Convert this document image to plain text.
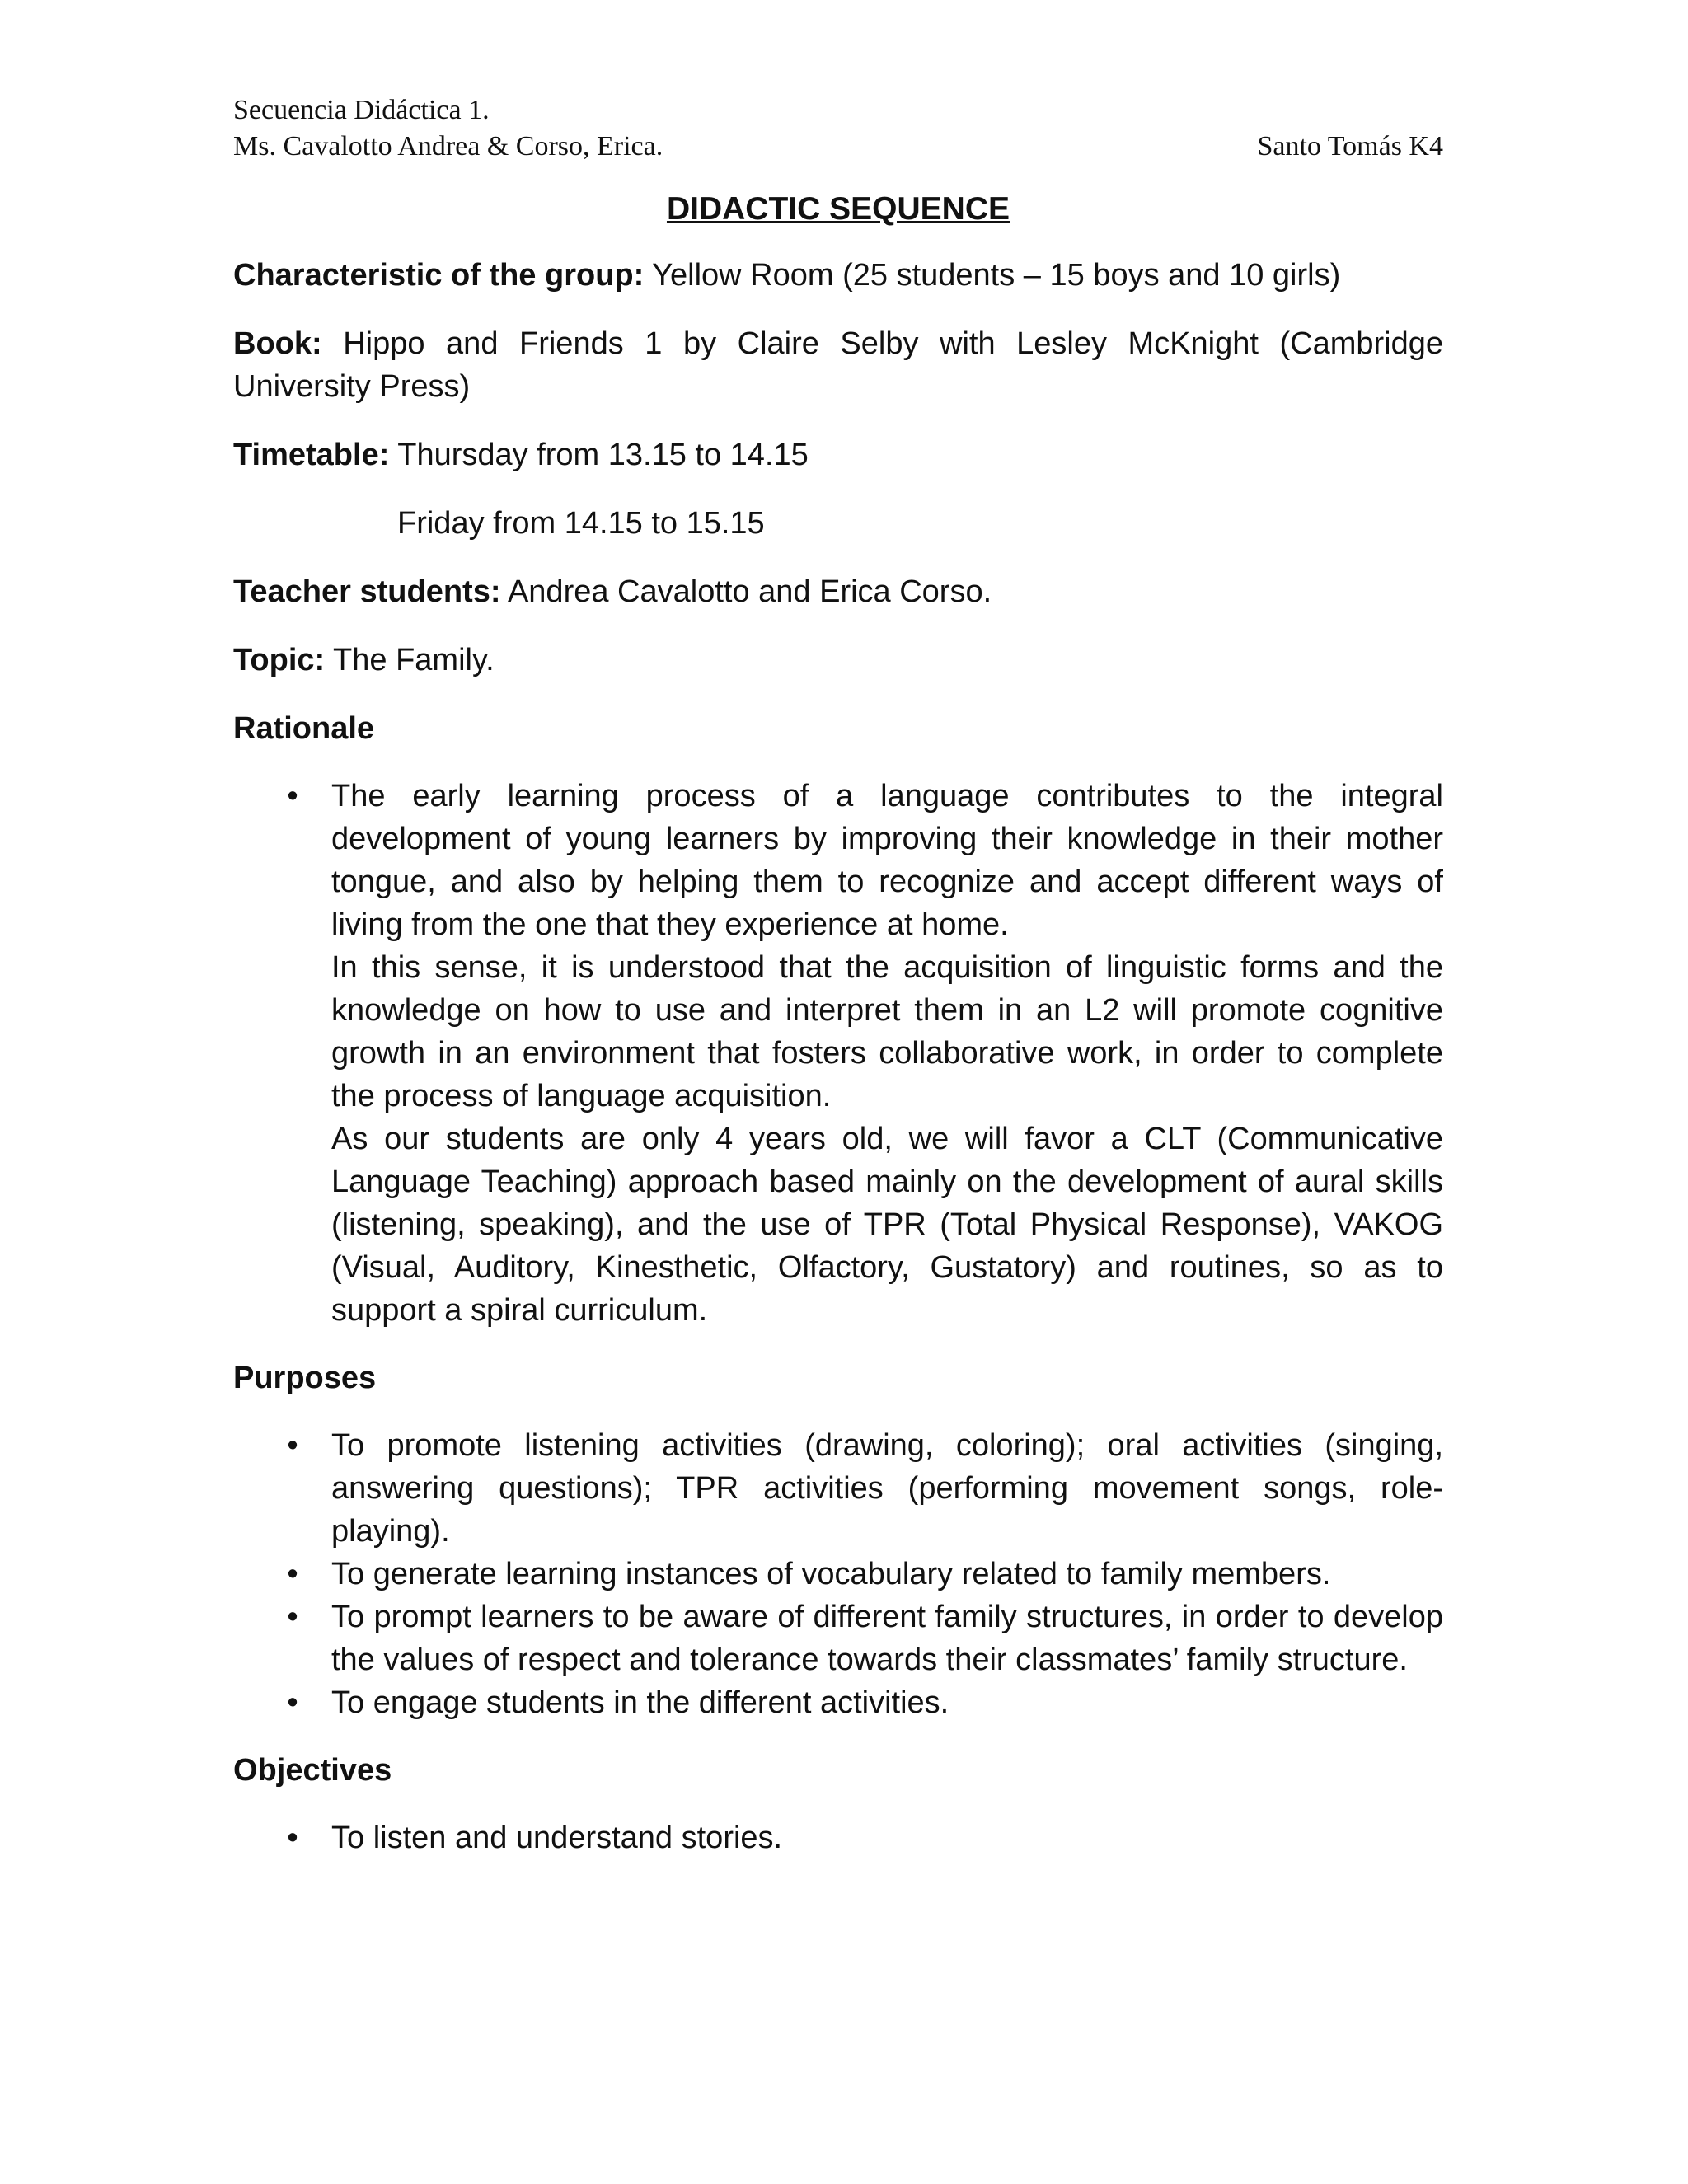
Secuencia Didáctica 1.
Ms. Cavalotto Andrea & Corso, Erica.	Santo Tomás K4
DIDACTIC SEQUENCE
Characteristic of the group: Yellow Room (25 students – 15 boys and 10 girls)
Book: Hippo and Friends 1 by Claire Selby with Lesley McKnight (Cambridge University Press)
Timetable: Thursday from 13.15 to 14.15
Friday from 14.15 to 15.15
Teacher students: Andrea Cavalotto and Erica Corso.
Topic: The Family.
Rationale
• The early learning process of a language contributes to the integral development of young learners by improving their knowledge in their mother tongue, and also by helping them to recognize and accept different ways of living from the one that they experience at home.

In this sense, it is understood that the acquisition of linguistic forms and the knowledge on how to use and interpret them in an L2 will promote cognitive growth in an environment that fosters collaborative work, in order to complete the process of language acquisition.

As our students are only 4 years old, we will favor a CLT (Communicative Language Teaching) approach based mainly on the development of aural skills (listening, speaking), and the use of TPR (Total Physical Response), VAKOG (Visual, Auditory, Kinesthetic, Olfactory, Gustatory) and routines, so as to support a spiral curriculum.

Purposes
• To promote listening activities (drawing, coloring); oral activities (singing, answering questions); TPR activities (performing movement songs, role-playing).

• To generate learning instances of vocabulary related to family members.

• To prompt learners to be aware of different family structures, in order to develop the values of respect and tolerance towards their classmates’ family structure.

• To engage students in the different activities.

Objectives
• To listen and understand stories.
